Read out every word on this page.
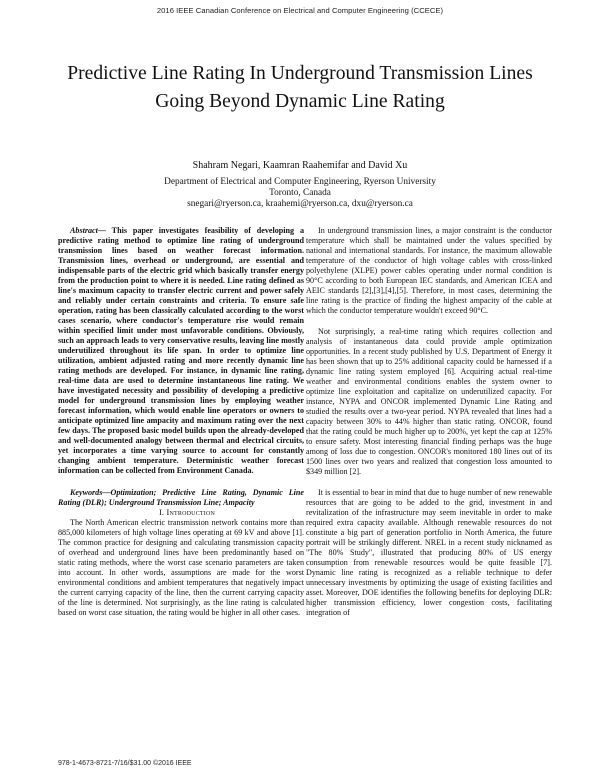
2016 IEEE Canadian Conference on Electrical and Computer Engineering (CCECE)
Predictive Line Rating In Underground Transmission Lines
Going Beyond Dynamic Line Rating
Shahram Negari, Kaamran Raahemifar and David Xu
Department of Electrical and Computer Engineering, Ryerson University
Toronto, Canada
snegari@ryerson.ca, kraahemi@ryerson.ca, dxu@ryerson.ca

Abstract— This paper investigates feasibility of developing a predictive rating method to optimize line rating of underground transmission lines based on weather forecast information. Transmission lines, overhead or underground, are essential and indispensable parts of the electric grid which basically transfer energy from the production point to where it is needed. Line rating defined as line's maximum capacity to transfer electric current and power safely and reliably under certain constraints and criteria. To ensure safe operation, rating has been classically calculated according to the worst cases scenario, where conductor's temperature rise would remain within specified limit under most unfavorable conditions. Obviously, such an approach leads to very conservative results, leaving line mostly underutilized throughout its life span. In order to optimize line utilization, ambient adjusted rating and more recently dynamic line rating methods are developed. For instance, in dynamic line rating, real-time data are used to determine instantaneous line rating. We have investigated necessity and possibility of developing a predictive model for underground transmission lines by employing weather forecast information, which would enable line operators or owners to anticipate optimized line ampacity and maximum rating over the next few days. The proposed basic model builds upon the already-developed and well-documented analogy between thermal and electrical circuits, yet incorporates a time varying source to account for constantly changing ambient temperature. Deterministic weather forecast information can be collected from Environment Canada.

Keywords—Optimization; Predictive Line Rating, Dynamic Line Rating (DLR); Underground Transmission Line; Ampacity

I. Introduction

The North American electric transmission network contains more than 885,000 kilometers of high voltage lines operating at 69 kV and above [1]. The common practice for designing and calculating transmission capacity of overhead and underground lines have been predominantly based on static rating methods, where the worst case scenario parameters are taken into account. In other words, assumptions are made for the worst environmental conditions and ambient temperatures that negatively impact the current carrying capacity of the line, then the current carrying capacity of the line is determined. Not surprisingly, as the line rating is calculated based on worst case situation, the rating would be higher in all other cases.

In underground transmission lines, a major constraint is the conductor temperature which shall be maintained under the values specified by national and international standards. For instance, the maximum allowable temperature of the conductor of high voltage cables with cross-linked polyethylene (XLPE) power cables operating under normal condition is 90°C according to both European IEC standards, and American ICEA and AEIC standards [2],[3],[4],[5]. Therefore, in most cases, determining the line rating is the practice of finding the highest ampacity of the cable at which the conductor temperature wouldn't exceed 90°C.

Not surprisingly, a real-time rating which requires collection and analysis of instantaneous data could provide ample optimization opportunities. In a recent study published by U.S. Department of Energy it has been shown that up to 25% additional capacity could be harnessed if a dynamic line rating system employed [6]. Acquiring actual real-time weather and environmental conditions enables the system owner to optimize line exploitation and capitalize on underutilized capacity. For instance, NYPA and ONCOR implemented Dynamic Line Rating and studied the results over a two-year period. NYPA revealed that lines had a capacity between 30% to 44% higher than static rating. ONCOR, found that the rating could be much higher up to 200%, yet kept the cap at 125% to ensure safety. Most interesting financial finding perhaps was the huge among of loss due to congestion. ONCOR's monitored 180 lines out of its 1500 lines over two years and realized that congestion loss amounted to $349 million [2].

It is essential to bear in mind that due to huge number of new renewable resources that are going to be added to the grid, investment in and revitalization of the infrastructure may seem inevitable in order to make required extra capacity available. Although renewable resources do not constitute a big part of generation portfolio in North America, the future portrait will be strikingly different. NREL in a recent study nicknamed as "The 80% Study", illustrated that producing 80% of US energy consumption from renewable resources would be quite feasible [7]. Dynamic line rating is recognized as a reliable technique to defer unnecessary investments by optimizing the usage of existing facilities and asset. Moreover, DOE identifies the following benefits for deploying DLR: higher transmission efficiency, lower congestion costs, facilitating integration of

978-1-4673-8721-7/16/$31.00 ©2016 IEEE
